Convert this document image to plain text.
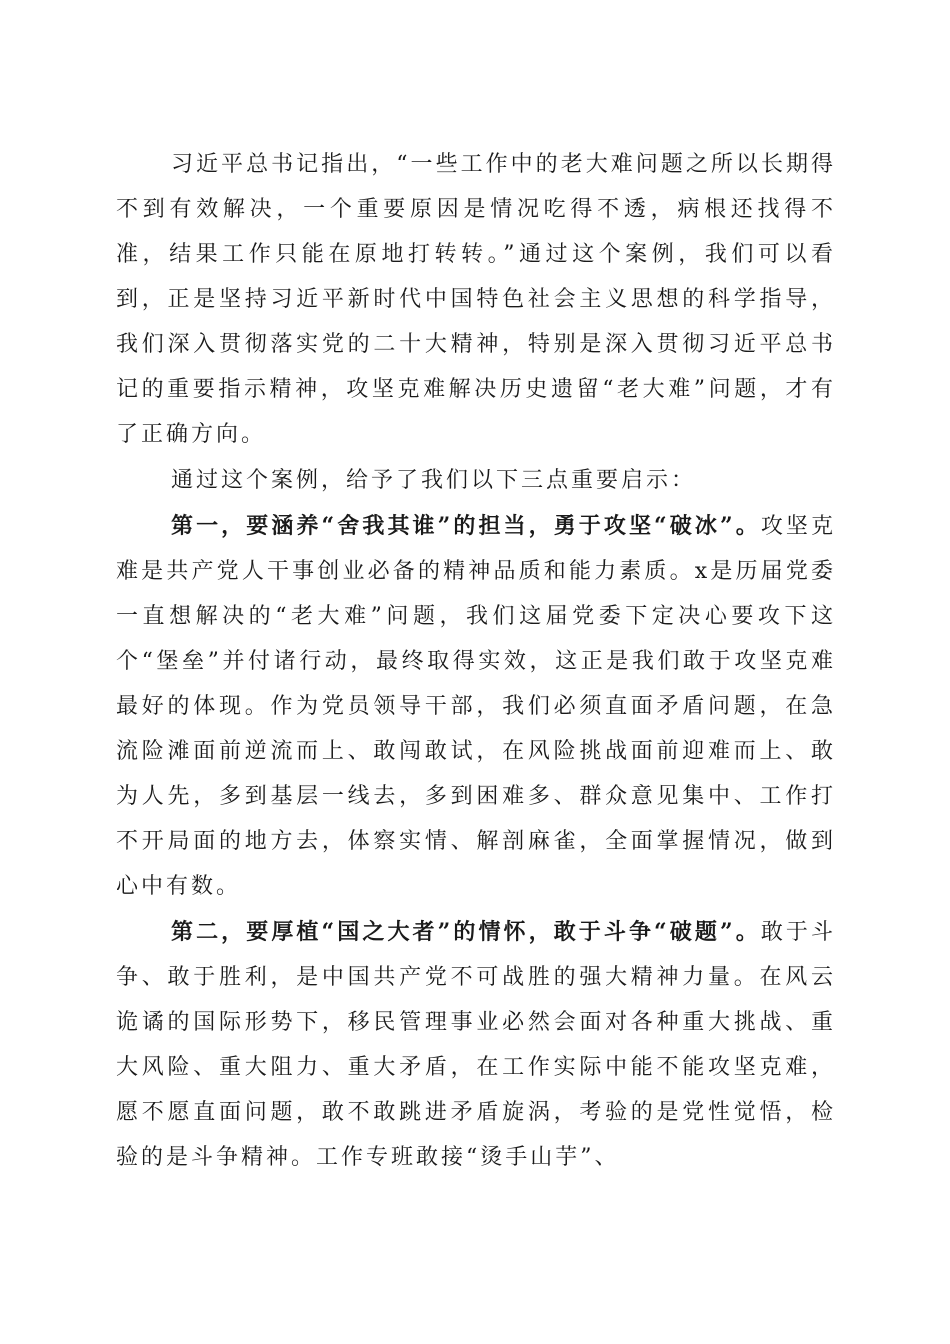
习近平总书记指出，“一些工作中的老大难问题之所以长期得不到有效解决，一个重要原因是情况吃得不透，病根还找得不准，结果工作只能在原地打转转。”通过这个案例，我们可以看到，正是坚持习近平新时代中国特色社会主义思想的科学指导，我们深入贯彻落实党的二十大精神，特别是深入贯彻习近平总书记的重要指示精神，攻坚克难解决历史遗留“老大难”问题，才有了正确方向。

通过这个案例，给予了我们以下三点重要启示：

第一，要涵养“舍我其谁”的担当，勇于攻坚“破冰”。攻坚克难是共产党人干事创业必备的精神品质和能力素质。x是历届党委一直想解决的“老大难”问题，我们这届党委下定决心要攻下这个“堡垒”并付诸行动，最终取得实效，这正是我们敢于攻坚克难最好的体现。作为党员领导干部，我们必须直面矛盾问题，在急流险滩面前逆流而上、敢闯敢试，在风险挑战面前迎难而上、敢为人先，多到基层一线去，多到困难多、群众意见集中、工作打不开局面的地方去，体察实情、解剖麻雀，全面掌握情况，做到心中有数。

第二，要厚植“国之大者”的情怀，敢于斗争“破题”。敢于斗争、敢于胜利，是中国共产党不可战胜的强大精神力量。在风云诡谲的国际形势下，移民管理事业必然会面对各种重大挑战、重大风险、重大阻力、重大矛盾，在工作实际中能不能攻坚克难，愿不愿直面问题，敢不敢跳进矛盾旋涡，考验的是党性觉悟，检验的是斗争精神。工作专班敢接“烫手山芋”、
